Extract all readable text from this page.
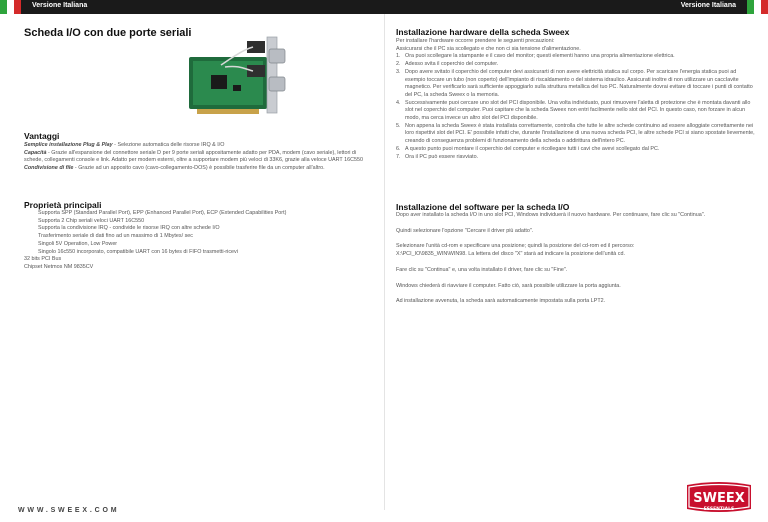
Versione Italiana	Versione Italiana
Scheda I/O con due porte seriali
Vantaggi
Semplice installazione Plug & Play - Selezione automatica delle risorse IRQ & I/O
Capacità - Grazie all'espansione del connettore seriale D per 9 porte seriali appositamente adatto per PDA, modem (cavo seriale), lettori di schede, collegamenti console e link. Adatto per modem esterni, oltre a supportare modem più veloci di 33K6, grazie alla veloce UART 16C550
Condivisione di file - Grazie ad un apposito cavo (cavo-collegamento-DOS) è possibile trasferire file da un computer all'altro.
Proprietà principali
Supporta SPP (Standard Parallel Port), EPP (Enhanced Parallel Port), ECP (Extended Capabilities Port)
Supporta 2 Chip seriali veloci UART 16C550
Supporta la condivisione IRQ - condivide le risorse IRQ con altre schede I/O
Trasferimento seriale di dati fino ad un massimo di 1 Mbytes/ sec
Singoli 5V Operation, Low Power
Singolo 16c550 incorporato, compatibile UART con 16 bytes di FIFO trasmetti-ricevi
32 bits PCI Bus
Chipset Netmos NM 9835CV
Installazione hardware della scheda Sweex
Per installare l'hardware occorre prendere le seguenti precauzioni:
Assicurarsi che il PC sia scollegato e che non ci sia tensione d'alimentazione.
1. Ora puoi scollegare la stampante e il cavo del monitor; questi elementi hanno una propria alimentazione elettrica.
2. Adesso svita il coperchio del computer.
3. Dopo avere svitato il coperchio del computer devi assicurarti di non avere elettricità statica sul corpo. Per scaricare l'energia statica puoi ad esempio toccare un tubo (non coperto) dell'impianto di riscaldamento o del sistema idraulico. Assicurati inoltre di non utilizzare un caccIavite magnetico. Per verificarlo sarà sufficiente appoggiarlo sulla struttura metallica del tuo PC. Naturalmente dovrai evitare di toccare i punti di contatto del PC, la scheda Sweex o la memoria.
4. Successivamente puoi cercare uno slot del PCI disponibile. Una volta individuato, puoi rimuovere l'aletta di protezione che è montata davanti allo slot nel coperchio del computer. Puoi capitare che la scheda Sweex non entri facilmente nello slot del PCI. In questo caso, non forzare in alcun modo, ma cerca invece un altro slot del PCI disponibile.
5. Non appena la scheda Sweex è stata installata correttamente, controlla che tutte le altre schede continuino ad essere alloggiate correttamente nei loro rispettivi slot del PCI. E' possibile infatti che, durante l'installazione di una nuova scheda PCI, le altre schede PCI si siano spostate lievemente, creando di conseguenza problemi di funzionamento della scheda o addirittura dell'intero PC.
6. A questo punto puoi montare il coperchio del computer e ricollegare tutti i cavi che avevi scollegato dal PC.
7. Ora il PC può essere riavviato.
Installazione del software per la scheda I/O
Dopo aver installato la scheda I/O in uno slot PCI, Windows individuerà il nuovo hardware. Per continuare, fare clic su "Continua".
Quindi selezionare l'opzione "Cercare il driver più adatto".
Selezionare l'unità cd-rom e specificare una posizione; quindi la posizione del cd-rom ed il percorso:
X:\PCI_IO\9835_WIN\WIN98. La lettera del disco "X" starà ad indicare la posizione dell'unità cd.
Fare clic su "Continua" e, una volta installato il driver, fare clic su "Fine".
Windows chiederà di riavviare il computer. Fatto ciò, sarà possibile utilizzare la porta aggiunta.
Ad installazione avvenuta, la scheda sarà automaticamente impostata sulla porta LPT2.
WWW.SWEEX.COM
SWEEX
ESSENTIALS
